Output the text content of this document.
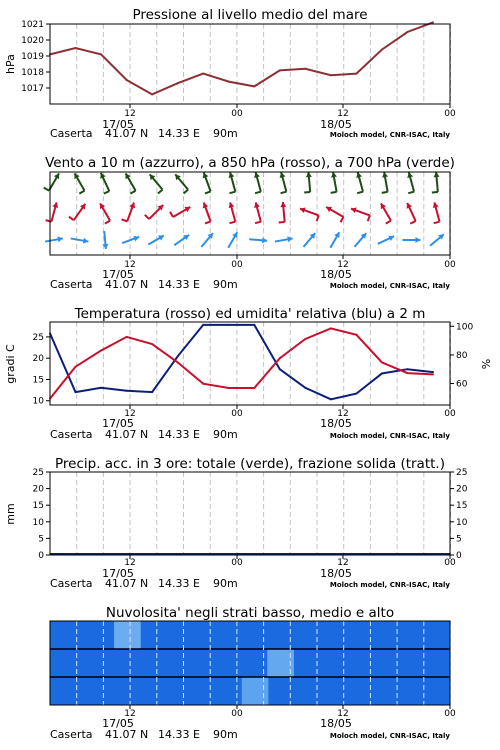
Pressione al livello medio del mare
12	00	12	00
17/05	18/05
Caserta 41.07 N 14.33 E 90m	Moloch model, CNR-ISAC, Italy
1017
1018
1019
1020
1021
hPa
Vento a 10 m (azzurro), a 850 hPa (rosso), a 700 hPa (verde)
12	00	12	00
17/05	18/05
Caserta 41.07 N 14.33 E 90m	Moloch model, CNR-ISAC, Italy
Temperatura (rosso) ed umidita' relativa (blu) a 2 m
12	00	12	00
17/05	18/05
Caserta 41.07 N 14.33 E 90m	Moloch model, CNR-ISAC, Italy
10
15
20
25
60
80
100
gradi C	%
Precip. acc. in 3 ore: totale (verde), frazione solida (tratt.)
12	00	12	00
17/05	18/05
Caserta 41.07 N 14.33 E 90m	Moloch model, CNR-ISAC, Italy
0
5
10
15
20
25
0
5
10
15
20
25
mm
Nuvolosita' negli strati basso, medio e alto
12	00	12	00
17/05	18/05
Caserta 41.07 N 14.33 E 90m	Moloch model, CNR-ISAC, Italy
